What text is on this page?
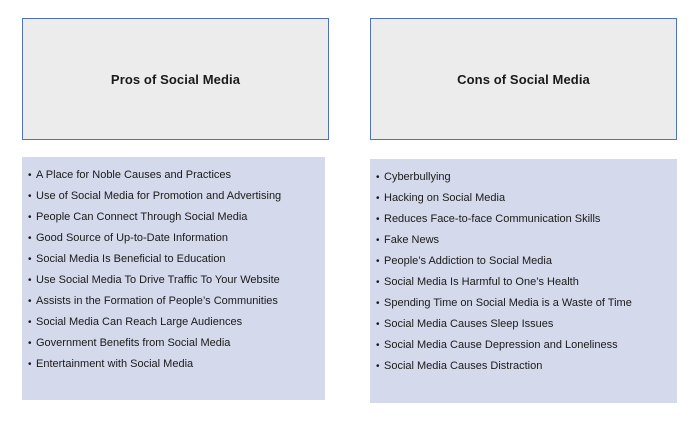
Pros of Social Media	Cons of Social Media
• A Place for Noble Causes and Practices
• Use of Social Media for Promotion and Advertising
• People Can Connect Through Social Media
• Good Source of Up-to-Date Information
• Social Media Is Beneficial to Education
• Use Social Media To Drive Traffic To Your Website
• Assists in the Formation of People’s Communities
• Social Media Can Reach Large Audiences
• Government Benefits from Social Media
• Entertainment with Social Media
• Cyberbullying
• Hacking on Social Media
• Reduces Face-to-face Communication Skills
• Fake News
• People’s Addiction to Social Media
• Social Media Is Harmful to One’s Health
• Spending Time on Social Media is a Waste of Time
• Social Media Causes Sleep Issues
• Social Media Cause Depression and Loneliness
• Social Media Causes Distraction
